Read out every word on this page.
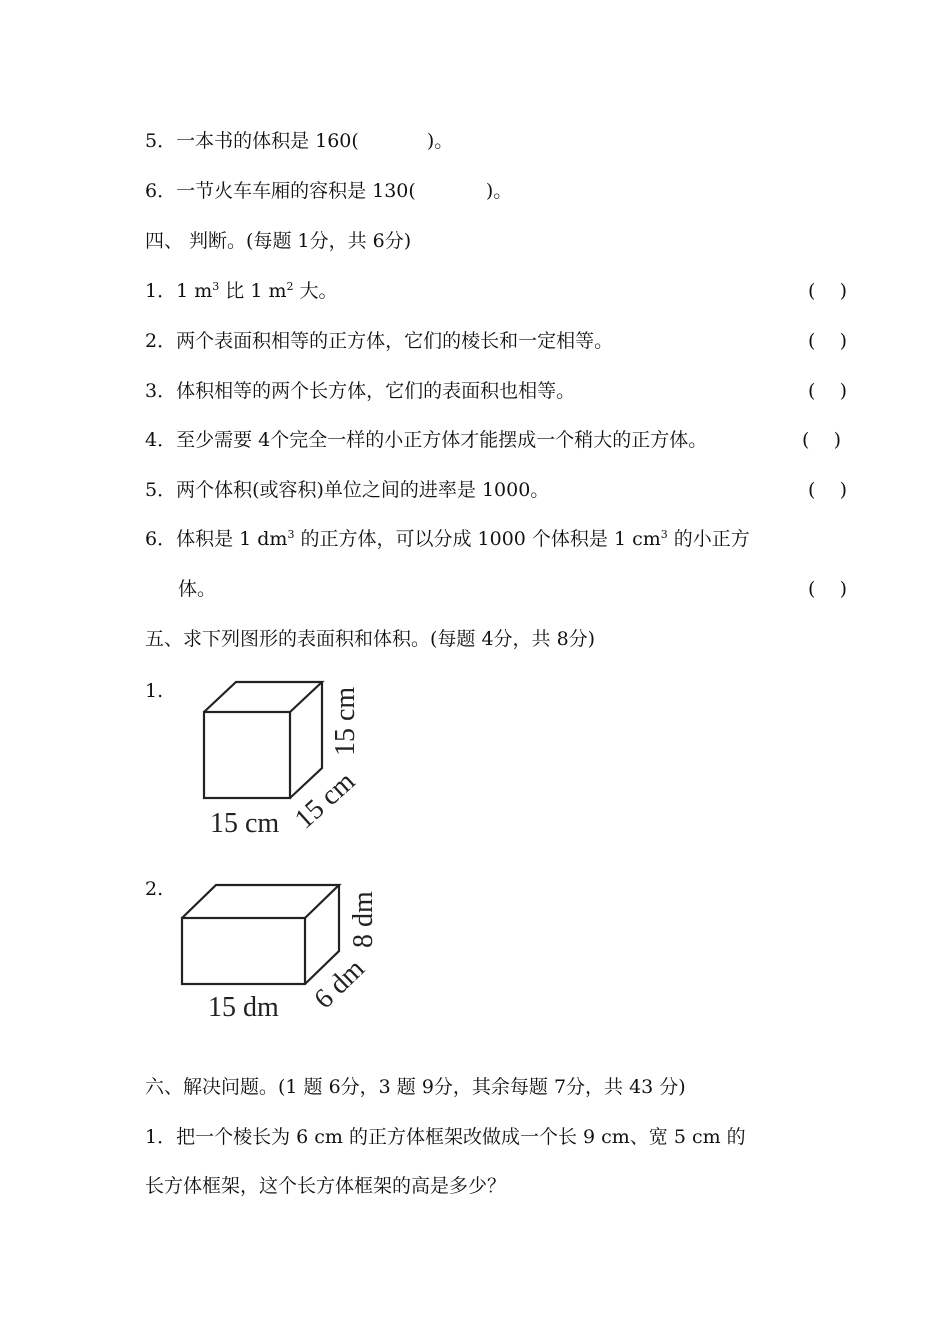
5．一本书的体积是 160(	)。
6．一节火车车厢的容积是 130(	)。
四、 判断。(每题 1分，共 6分)
1．1 $m^3$ 比 1 $m^2$ 大。	(    )
2．两个表面积相等的正方体，它们的棱长和一定相等。	(    )
3．体积相等的两个长方体，它们的表面积也相等。	(    )
4．至少需要 4个完全一样的小正方体才能摆成一个稍大的正方体。	(    )
5．两个体积(或容积)单位之间的进率是 1000。	(    )
6．体积是 1 $dm^3$ 的正方体，可以分成 1000 个体积是 1 $cm^3$ 的小正方
体。	(    )
五、求下列图形的表面积和体积。(每题 4分，共 8分)
1.
15 cm 15 cm
15 cm
2.
15 dm 6 dm
8 dm
六、解决问题。(1 题 6分，3 题 9分，其余每题 7分，共 43 分)
1．把一个棱长为 6 cm 的正方体框架改做成一个长 9 cm、宽 5 cm 的
长方体框架，这个长方体框架的高是多少？
